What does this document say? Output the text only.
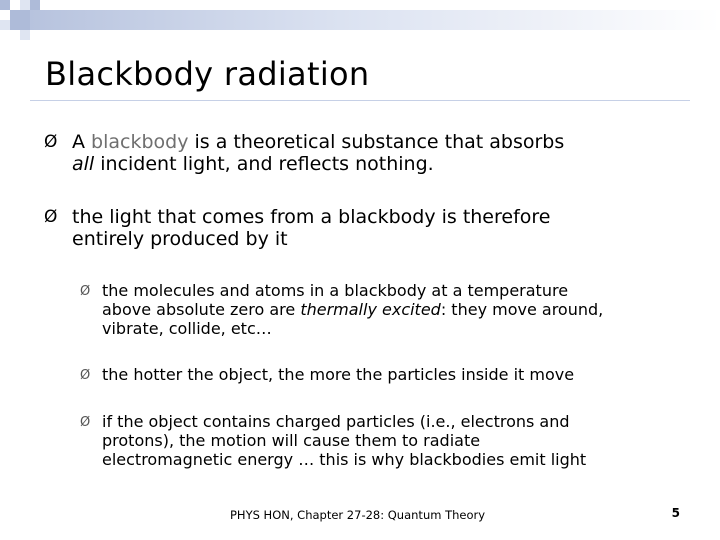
Blackbody radiation
Ø A blackbody is a theoretical substance that absorbs
all incident light, and reflects nothing.
Ø the light that comes from a blackbody is therefore
entirely produced by it
Ø the molecules and atoms in a blackbody at a temperature
above absolute zero are thermally excited: they move around,
vibrate, collide, etc…
Ø the hotter the object, the more the particles inside it move
Ø if the object contains charged particles (i.e., electrons and
protons), the motion will cause them to radiate
electromagnetic energy … this is why blackbodies emit light
PHYS HON, Chapter 27-28: Quantum Theory	5
